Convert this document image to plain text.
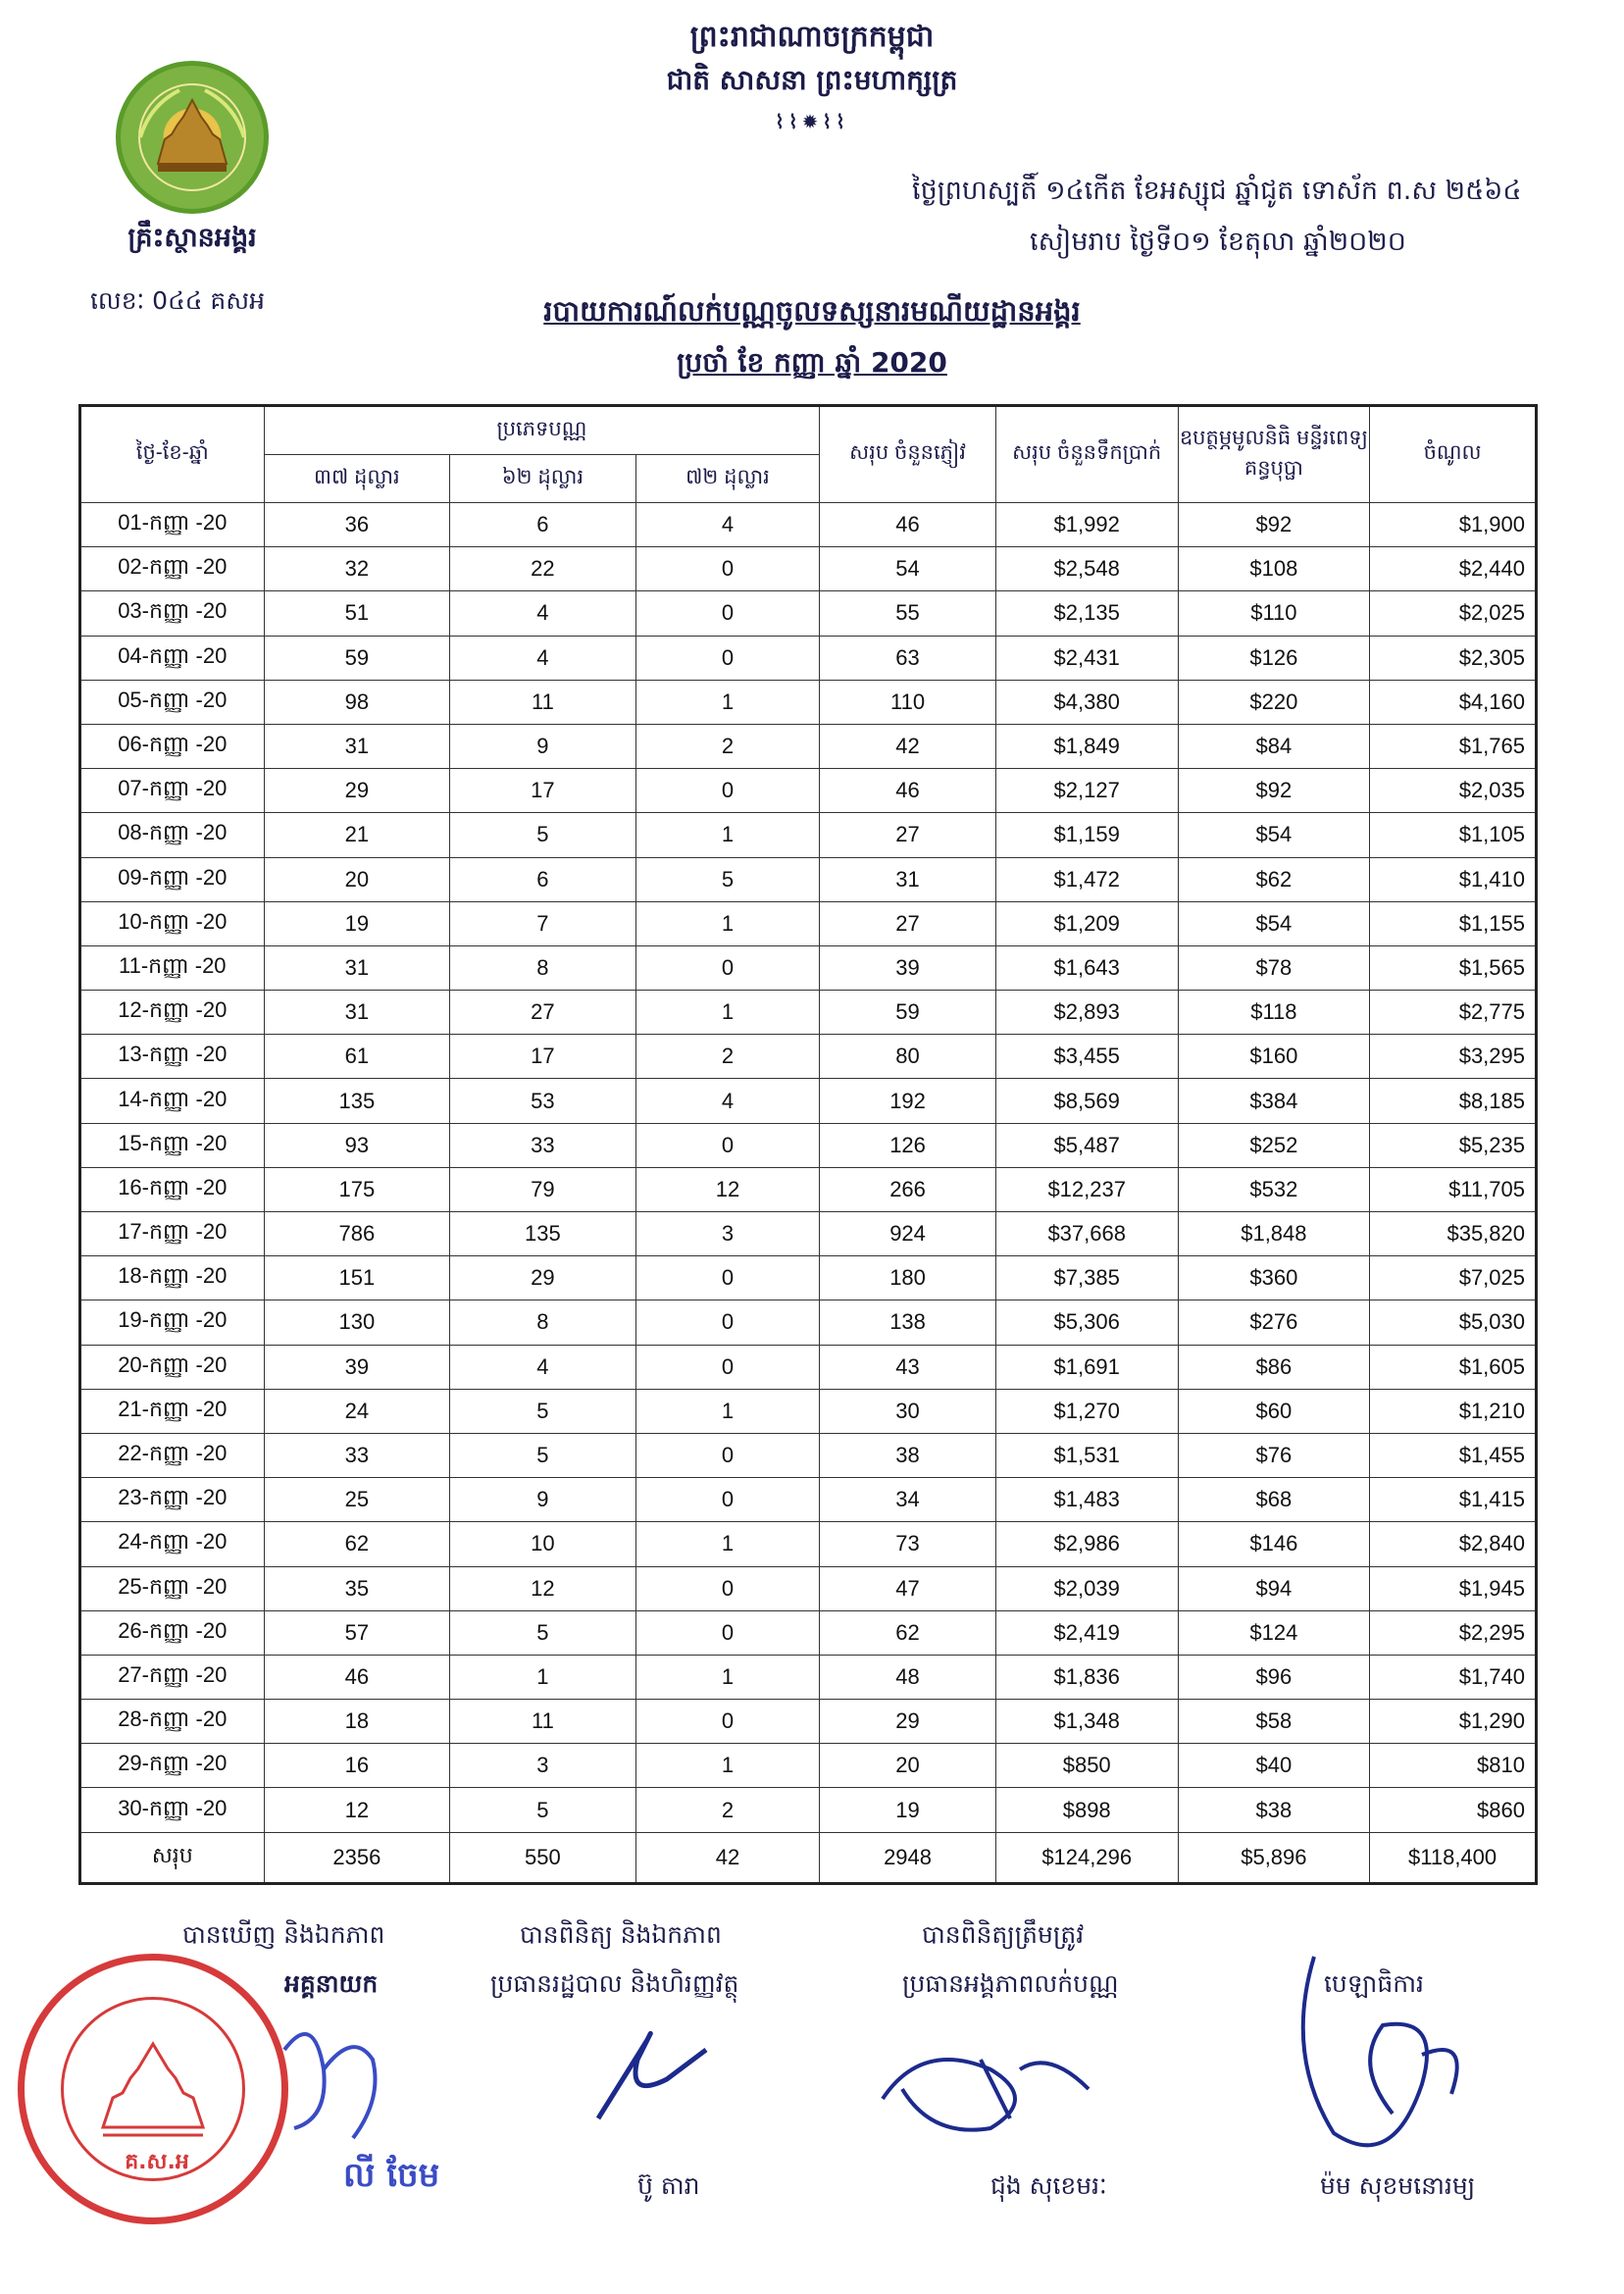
ព្រះរាជាណាចក្រកម្ពុជា
ជាតិ សាសនា ព្រះមហាក្សត្រ
⌇⌇✹⌇⌇
គ្រឹះស្ថានអង្គរ
លេខៈ 0៤៤ គសអ
ថ្ងៃព្រហស្បតិ៍ ១៤កើត ខែអស្សុជ ឆ្នាំជូត ទោស័ក ព.ស ២៥៦៤
សៀមរាប ថ្ងៃទី០១ ខែតុលា ឆ្នាំ២០២០
របាយការណ៍លក់បណ្ណចូលទស្សនារមណីយដ្ឋានអង្គរ
ប្រចាំ ខែ កញ្ញា ឆ្នាំ 2020
ថ្ងៃ-ខែ-ឆ្នាំ	ប្រភេទបណ្ណ			សរុប ចំនួនភ្ញៀវ	សរុប ចំនួនទឹកប្រាក់	ឧបត្ថម្ភមូលនិធិ មន្ទីរពេទ្យគន្ធបុប្ផា	ចំណូល
	៣៧ ដុល្លារ	៦២ ដុល្លារ	៧២ ដុល្លារ				
01-កញ្ញា -20	36	6	4	46	$1,992	$92	$1,900
02-កញ្ញា -20	32	22	0	54	$2,548	$108	$2,440
03-កញ្ញា -20	51	4	0	55	$2,135	$110	$2,025
04-កញ្ញា -20	59	4	0	63	$2,431	$126	$2,305
05-កញ្ញា -20	98	11	1	110	$4,380	$220	$4,160
06-កញ្ញា -20	31	9	2	42	$1,849	$84	$1,765
07-កញ្ញា -20	29	17	0	46	$2,127	$92	$2,035
08-កញ្ញា -20	21	5	1	27	$1,159	$54	$1,105
09-កញ្ញា -20	20	6	5	31	$1,472	$62	$1,410
10-កញ្ញា -20	19	7	1	27	$1,209	$54	$1,155
11-កញ្ញា -20	31	8	0	39	$1,643	$78	$1,565
12-កញ្ញា -20	31	27	1	59	$2,893	$118	$2,775
13-កញ្ញា -20	61	17	2	80	$3,455	$160	$3,295
14-កញ្ញា -20	135	53	4	192	$8,569	$384	$8,185
15-កញ្ញា -20	93	33	0	126	$5,487	$252	$5,235
16-កញ្ញា -20	175	79	12	266	$12,237	$532	$11,705
17-កញ្ញា -20	786	135	3	924	$37,668	$1,848	$35,820
18-កញ្ញា -20	151	29	0	180	$7,385	$360	$7,025
19-កញ្ញា -20	130	8	0	138	$5,306	$276	$5,030
20-កញ្ញា -20	39	4	0	43	$1,691	$86	$1,605
21-កញ្ញា -20	24	5	1	30	$1,270	$60	$1,210
22-កញ្ញា -20	33	5	0	38	$1,531	$76	$1,455
23-កញ្ញា -20	25	9	0	34	$1,483	$68	$1,415
24-កញ្ញា -20	62	10	1	73	$2,986	$146	$2,840
25-កញ្ញា -20	35	12	0	47	$2,039	$94	$1,945
26-កញ្ញា -20	57	5	0	62	$2,419	$124	$2,295
27-កញ្ញា -20	46	1	1	48	$1,836	$96	$1,740
28-កញ្ញា -20	18	11	0	29	$1,348	$58	$1,290
29-កញ្ញា -20	16	3	1	20	$850	$40	$810
30-កញ្ញា -20	12	5	2	19	$898	$38	$860
សរុប	2356	550	42	2948	$124,296	$5,896	$118,400
បានឃើញ និងឯកភាព
អគ្គនាយក
លី ចែម
គ.ស.អ
បានពិនិត្យ និងឯកភាព
ប្រធានរដ្ឋបាល និងហិរញ្ញវត្ថុ
ប៊ូ តារា
បានពិនិត្យត្រឹមត្រូវ
ប្រធានអង្គភាពលក់បណ្ណ
ជុង សុខេមរៈ
បេឡាធិការ
ម៉ម សុខមនោរម្យ
